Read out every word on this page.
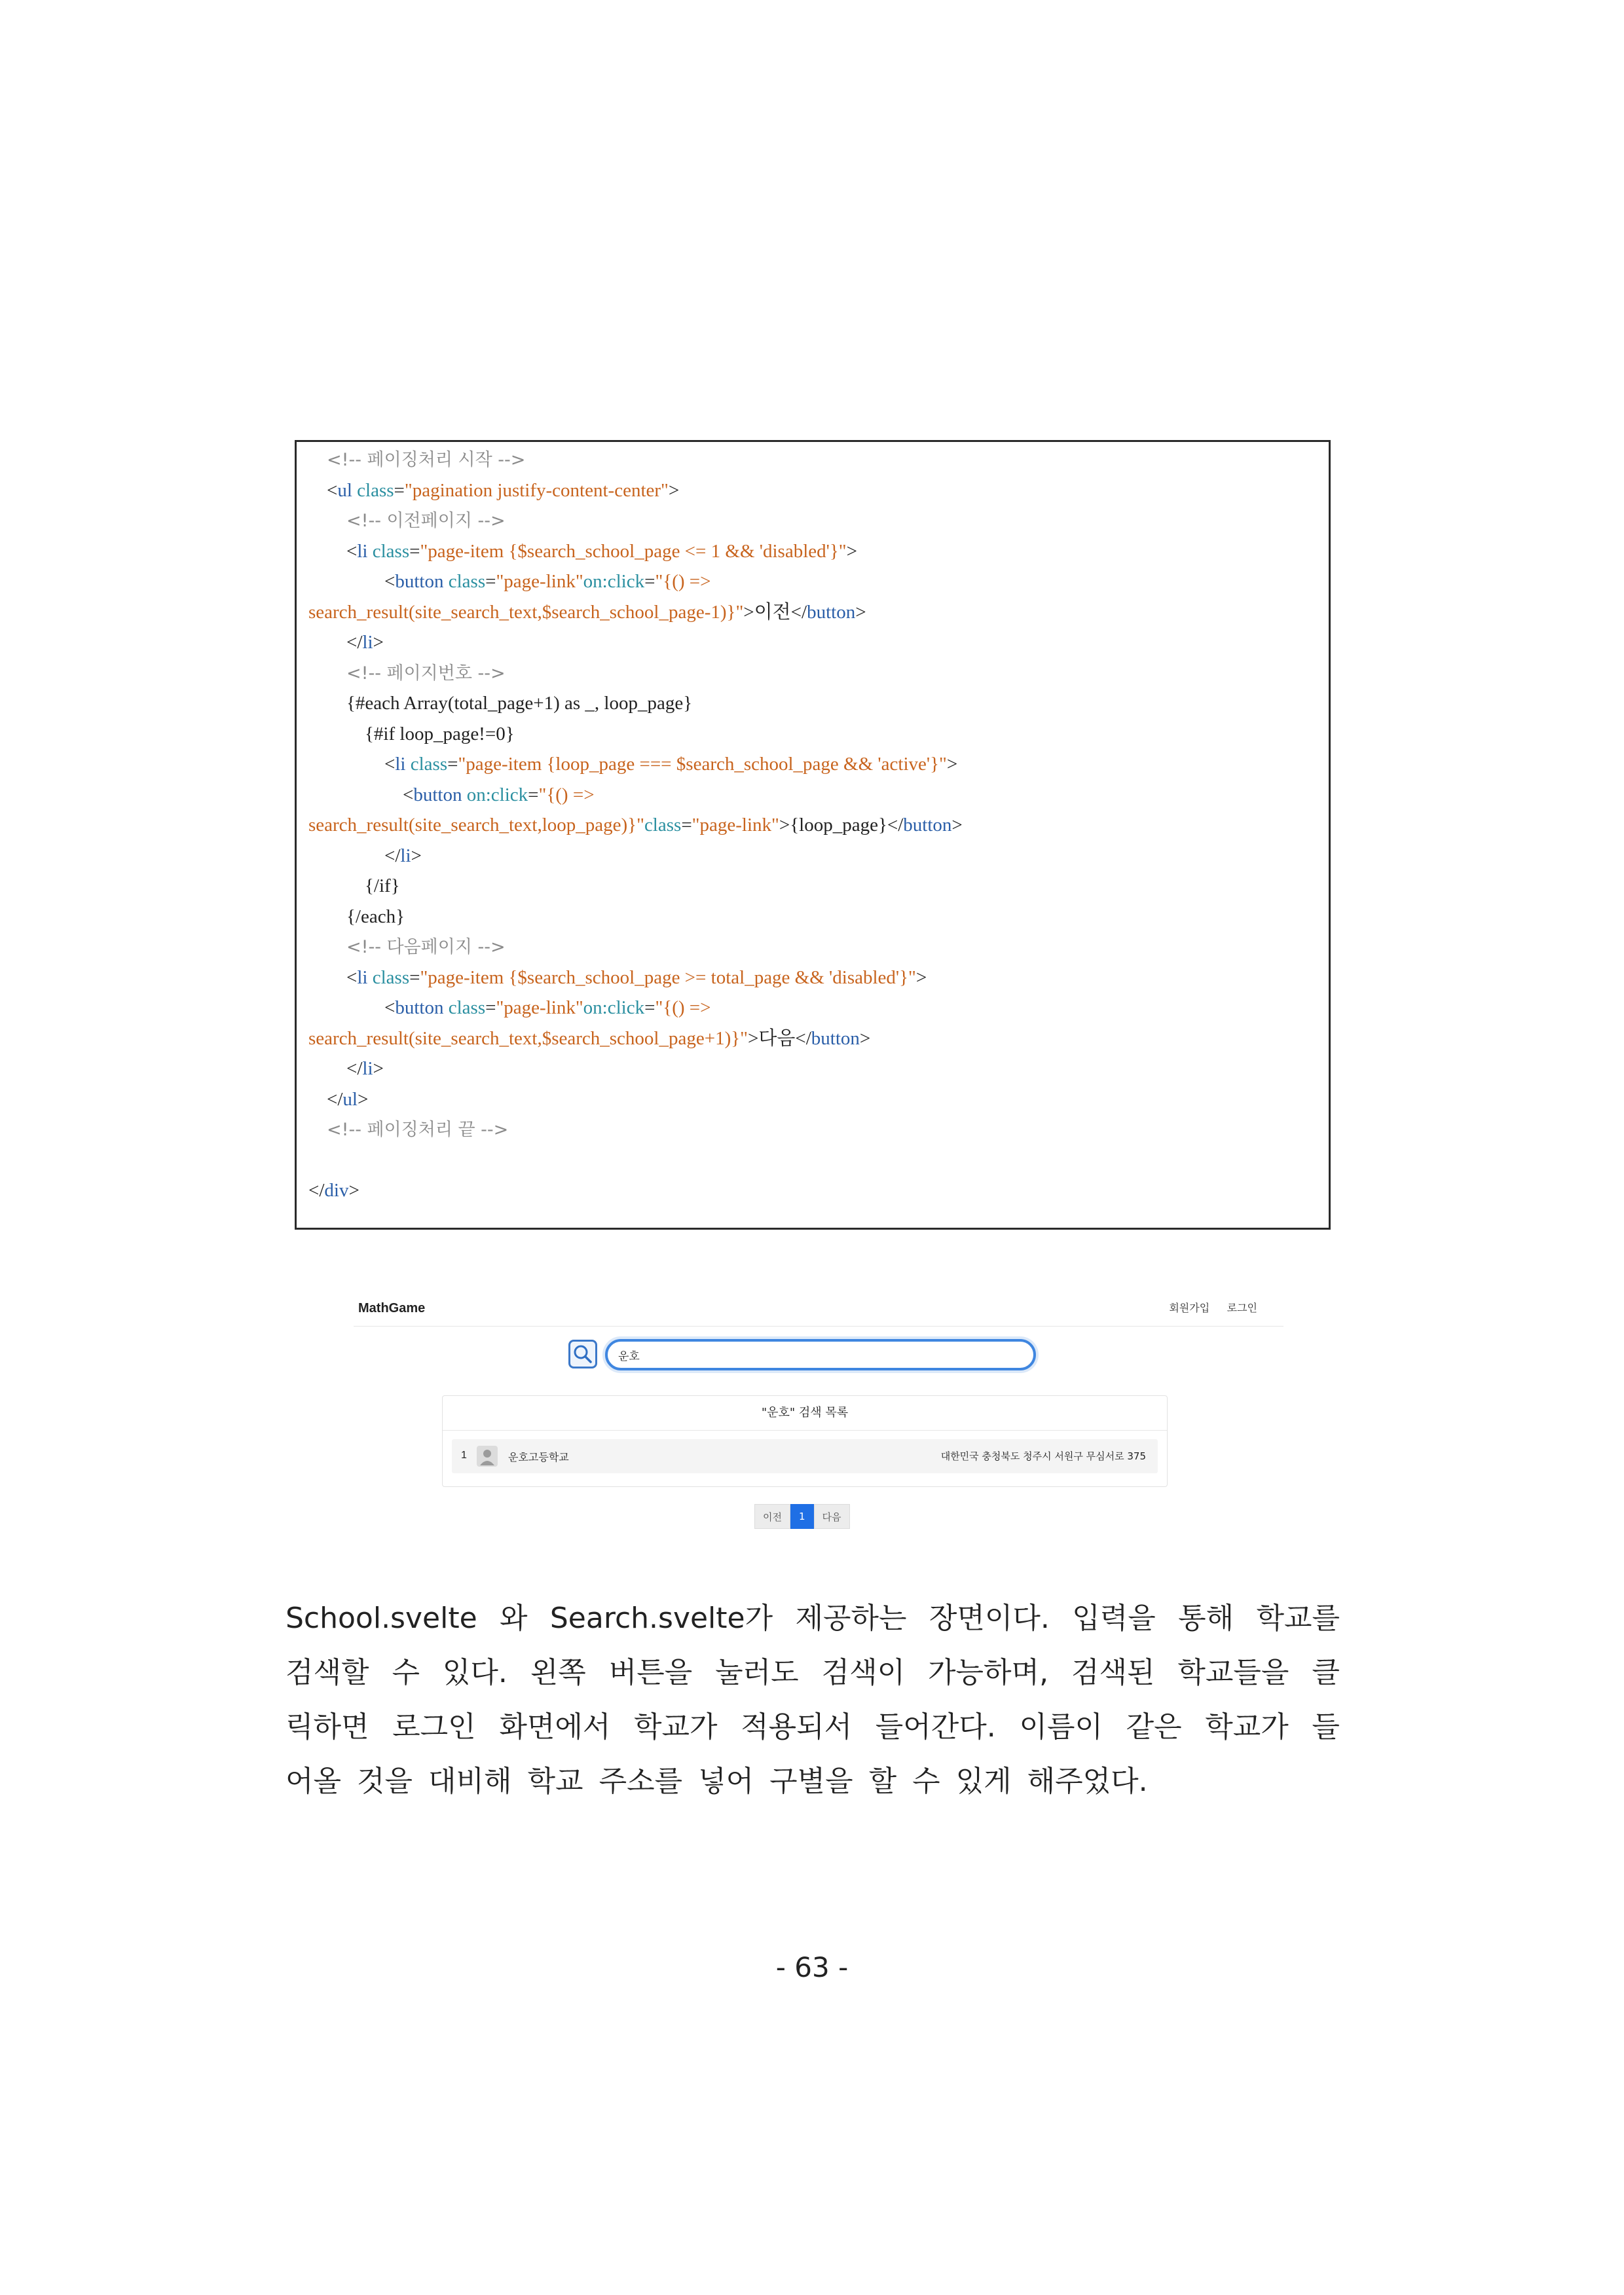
<!-- 페이징처리 시작 -->
<ul class="pagination justify-content-center">
<!-- 이전페이지 -->
<li class="page-item {$search_school_page <= 1 && 'disabled'}">
<button class="page-link"on:click="{() =>
search_result(site_search_text,$search_school_page-1)}">이전</button>
</li>
<!-- 페이지번호 -->
{#each Array(total_page+1) as _, loop_page}
{#if loop_page!=0}
<li class="page-item {loop_page === $search_school_page && 'active'}">
<button on:click="{() =>
search_result(site_search_text,loop_page)}"class="page-link">{loop_page}</button>
</li>
{/if}
{/each}
<!-- 다음페이지 -->
<li class="page-item {$search_school_page >= total_page && 'disabled'}">
<button class="page-link"on:click="{() =>
search_result(site_search_text,$search_school_page+1)}">다음</button>
</li>
</ul>
<!-- 페이징처리 끝 -->
</div>
MathGame	회원가입 로그인
운호
"운호" 검색 목록
1	운호고등학교	대한민국 충청북도 청주시 서원구 무심서로 375
이전	1	다음
School.svelte 와 Search.svelte가 제공하는 장면이다. 입력을 통해 학교를
검색할 수 있다. 왼쪽 버튼을 눌러도 검색이 가능하며, 검색된 학교들을 클
릭하면 로그인 화면에서 학교가 적용되서 들어간다. 이름이 같은 학교가 들
어올 것을 대비해 학교 주소를 넣어 구별을 할 수 있게 해주었다.
- 63 -
